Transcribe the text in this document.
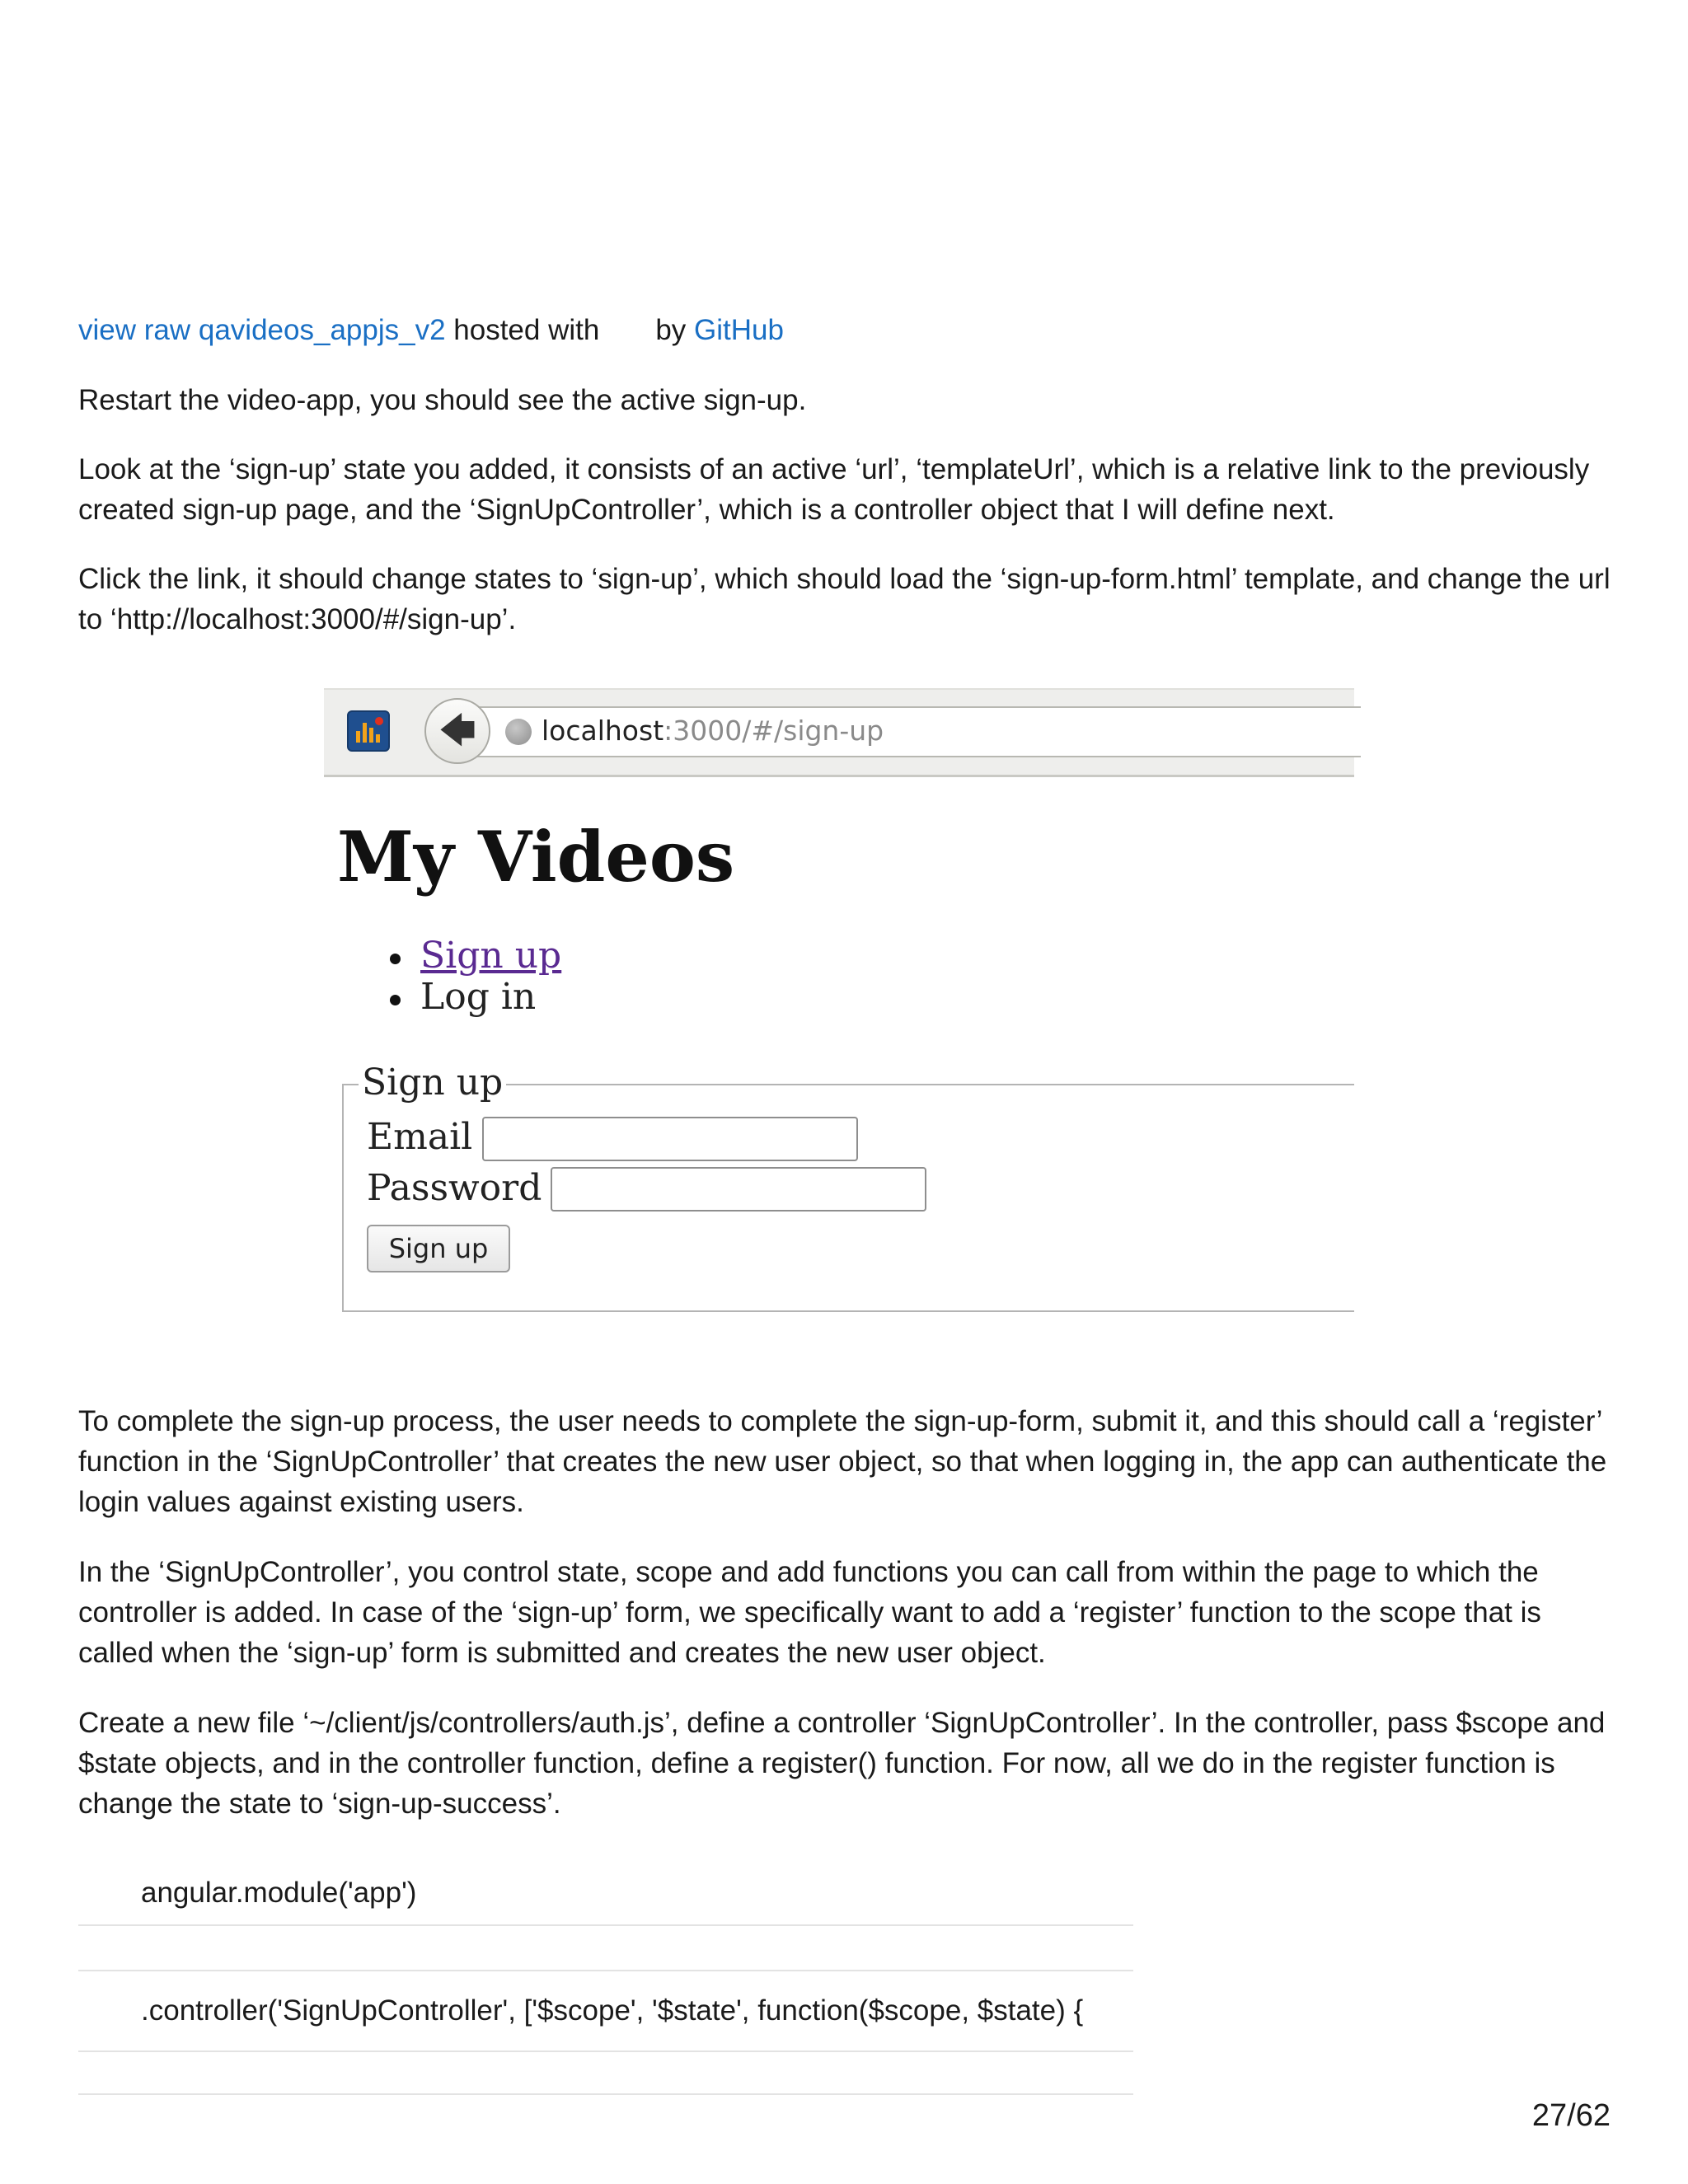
view raw qavideos_appjs_v2 hosted with by GitHub

Restart the video-app, you should see the active sign-up.

Look at the ‘sign-up’ state you added, it consists of an active ‘url’, ‘templateUrl’, which is a relative link to the previously created sign-up page, and the ‘SignUpController’, which is a controller object that I will define next.

Click the link, it should change states to ‘sign-up’, which should load the ‘sign-up-form.html’ template, and change the url to ‘http://localhost:3000/#/sign-up’.

🡄 localhost:3000/#/sign-up
My Videos
Sign up
Log in
Sign up
Email
Password
Sign up

To complete the sign-up process, the user needs to complete the sign-up-form, submit it, and this should call a ‘register’ function in the ‘SignUpController’ that creates the new user object, so that when logging in, the app can authenticate the login values against existing users.

In the ‘SignUpController’, you control state, scope and add functions you can call from within the page to which the controller is added. In case of the ‘sign-up’ form, we specifically want to add a ‘register’ function to the scope that is called when the ‘sign-up’ form is submitted and creates the new user object.

Create a new file ‘~/client/js/controllers/auth.js’, define a controller ‘SignUpController’. In the controller, pass $scope and $state objects, and in the controller function, define a register() function. For now, all we do in the register function is change the state to ‘sign-up-success’.

angular.module('app')
.controller('SignUpController', ['$scope', '$state', function($scope, $state) {
27/62
